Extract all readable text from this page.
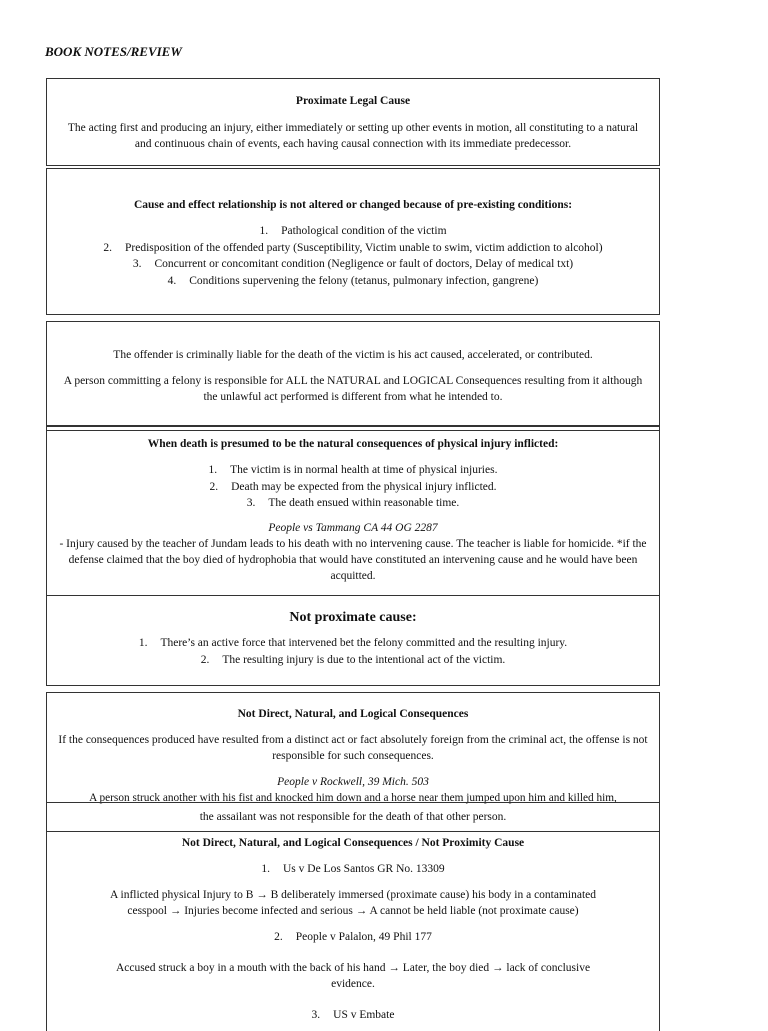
BOOK NOTES/REVIEW

Proximate Legal Cause

The acting first and producing an injury, either immediately or setting up other events in motion, all constituting to a natural and continuous chain of events, each having causal connection with its immediate predecessor.

Cause and effect relationship is not altered or changed because of pre-existing conditions:

1. Pathological condition of the victim
2. Predisposition of the offended party (Susceptibility, Victim unable to swim, victim addiction to alcohol)
3. Concurrent or concomitant condition (Negligence or fault of doctors, Delay of medical txt)
4. Conditions supervening the felony (tetanus, pulmonary infection, gangrene)

The offender is criminally liable for the death of the victim is his act caused, accelerated, or contributed.

A person committing a felony is responsible for ALL the NATURAL and LOGICAL Consequences resulting from it although the unlawful act performed is different from what he intended to.

When death is presumed to be the natural consequences of physical injury inflicted:

1. The victim is in normal health at time of physical injuries.
2. Death may be expected from the physical injury inflicted.
3. The death ensued within reasonable time.

People vs Tammang CA 44 OG 2287

- Injury caused by the teacher of Jundam leads to his death with no intervening cause. The teacher is liable for homicide. *if the defense claimed that the boy died of hydrophobia that would have constituted an intervening cause and he would have been acquitted.

Not proximate cause:

1. There’s an active force that intervened bet the felony committed and the resulting injury.
2. The resulting injury is due to the intentional act of the victim.

Not Direct, Natural, and Logical Consequences

If the consequences produced have resulted from a distinct act or fact absolutely foreign from the criminal act, the offense is not responsible for such consequences.

People v Rockwell, 39 Mich. 503

A person struck another with his fist and knocked him down and a horse near them jumped upon him and killed him,

the assailant was not responsible for the death of that other person.

Not Direct, Natural, and Logical Consequences / Not Proximity Cause

1. Us v De Los Santos GR No. 13309

A inflicted physical Injury to B → B deliberately immersed (proximate cause) his body in a contaminated cesspool → Injuries become infected and serious → A cannot be held liable (not proximate cause)

2. People v Palalon, 49 Phil 177

Accused struck a boy in a mouth with the back of his hand → Later, the boy died → lack of conclusive evidence.

3. US v Embate
